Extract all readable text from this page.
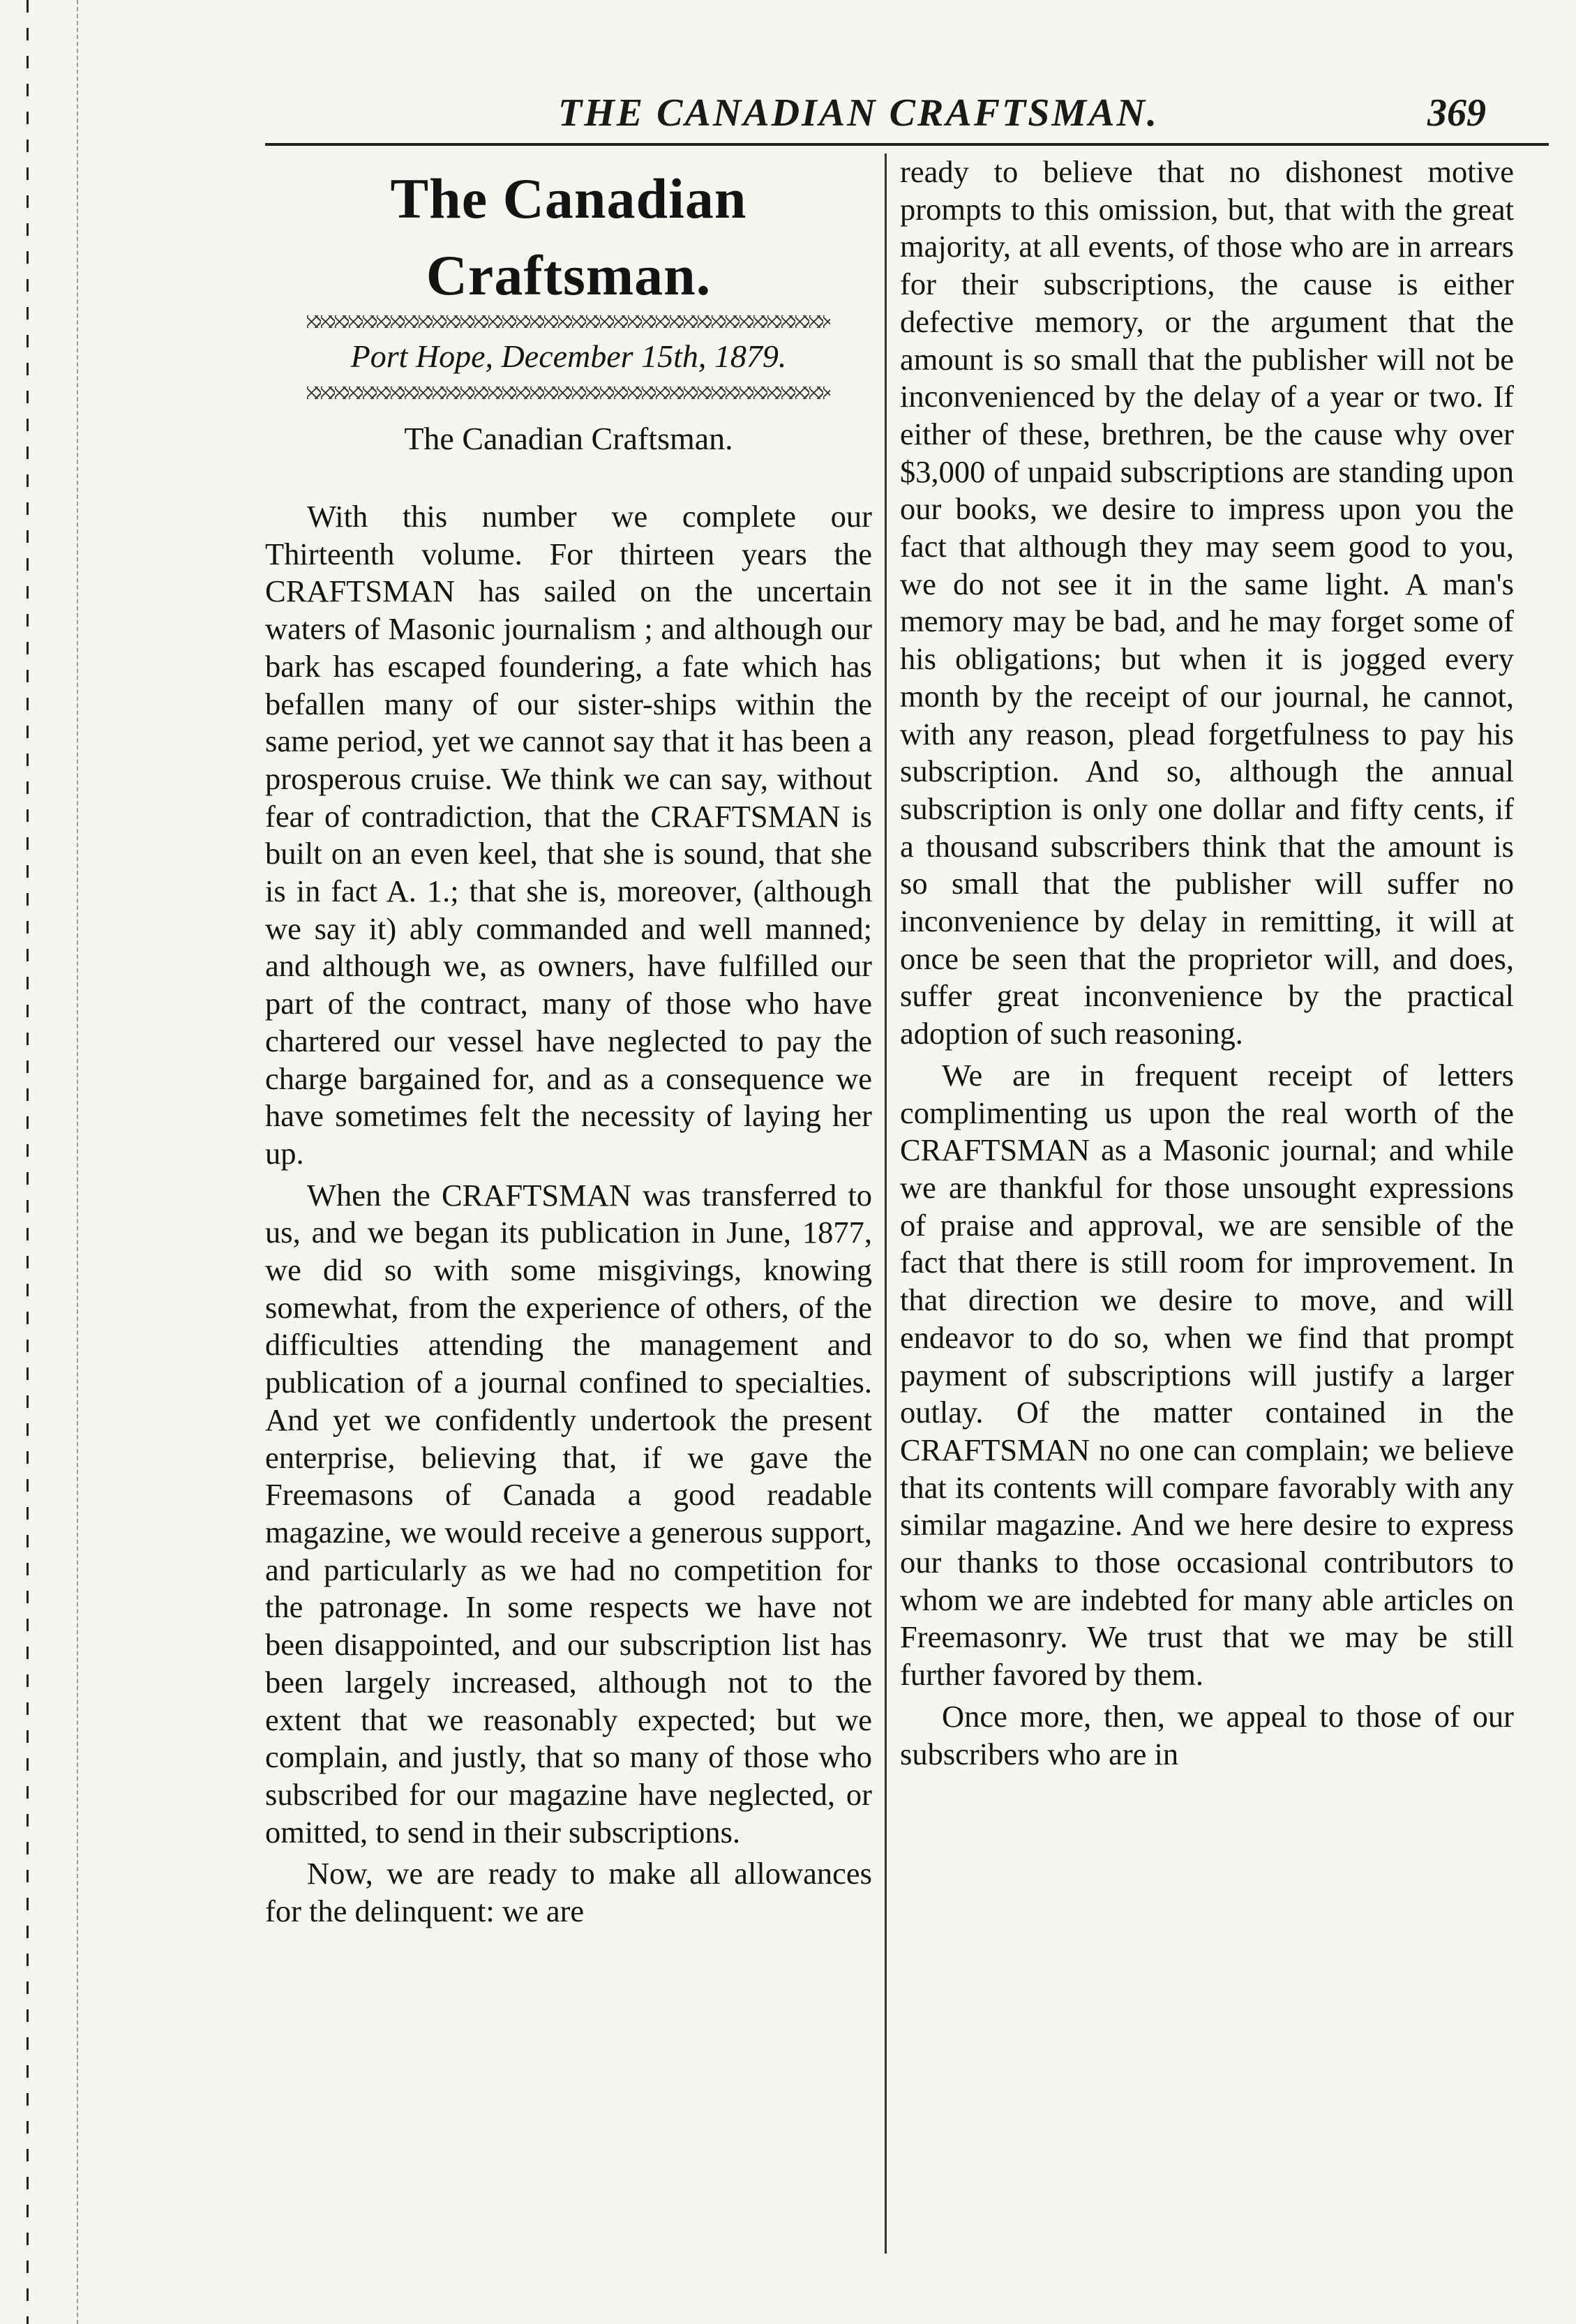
THE CANADIAN CRAFTSMAN.	369
The Canadian Craftsman.
Port Hope, December 15th, 1879.
The Canadian Craftsman.

With this number we complete our Thirteenth volume. For thirteen years the CRAFTSMAN has sailed on the uncertain waters of Masonic journalism ; and although our bark has escaped foundering, a fate which has befallen many of our sister-ships within the same period, yet we cannot say that it has been a prosperous cruise. We think we can say, without fear of contradiction, that the CRAFTSMAN is built on an even keel, that she is sound, that she is in fact A. 1.; that she is, moreover, (although we say it) ably commanded and well manned; and although we, as owners, have fulfilled our part of the contract, many of those who have chartered our vessel have neglected to pay the charge bargained for, and as a consequence we have sometimes felt the necessity of laying her up.

When the CRAFTSMAN was transferred to us, and we began its publication in June, 1877, we did so with some misgivings, knowing somewhat, from the experience of others, of the difficulties attending the management and publication of a journal confined to specialties. And yet we confidently undertook the present enterprise, believing that, if we gave the Freemasons of Canada a good readable magazine, we would receive a generous support, and particularly as we had no competition for the patronage. In some respects we have not been disappointed, and our subscription list has been largely increased, although not to the extent that we reasonably expected; but we complain, and justly, that so many of those who subscribed for our magazine have neglected, or omitted, to send in their subscriptions.

Now, we are ready to make all allowances for the delinquent: we are

ready to believe that no dishonest motive prompts to this omission, but, that with the great majority, at all events, of those who are in arrears for their subscriptions, the cause is either defective memory, or the argument that the amount is so small that the publisher will not be inconvenienced by the delay of a year or two. If either of these, brethren, be the cause why over $3,000 of unpaid subscriptions are standing upon our books, we desire to impress upon you the fact that although they may seem good to you, we do not see it in the same light. A man's memory may be bad, and he may forget some of his obligations; but when it is jogged every month by the receipt of our journal, he cannot, with any reason, plead forgetfulness to pay his subscription. And so, although the annual subscription is only one dollar and fifty cents, if a thousand subscribers think that the amount is so small that the publisher will suffer no inconvenience by delay in remitting, it will at once be seen that the proprietor will, and does, suffer great inconvenience by the practical adoption of such reasoning.

We are in frequent receipt of letters complimenting us upon the real worth of the CRAFTSMAN as a Masonic journal; and while we are thankful for those unsought expressions of praise and approval, we are sensible of the fact that there is still room for improvement. In that direction we desire to move, and will endeavor to do so, when we find that prompt payment of subscriptions will justify a larger outlay. Of the matter contained in the CRAFTSMAN no one can complain; we believe that its contents will compare favorably with any similar magazine. And we here desire to express our thanks to those occasional contributors to whom we are indebted for many able articles on Freemasonry. We trust that we may be still further favored by them.

Once more, then, we appeal to those of our subscribers who are in
